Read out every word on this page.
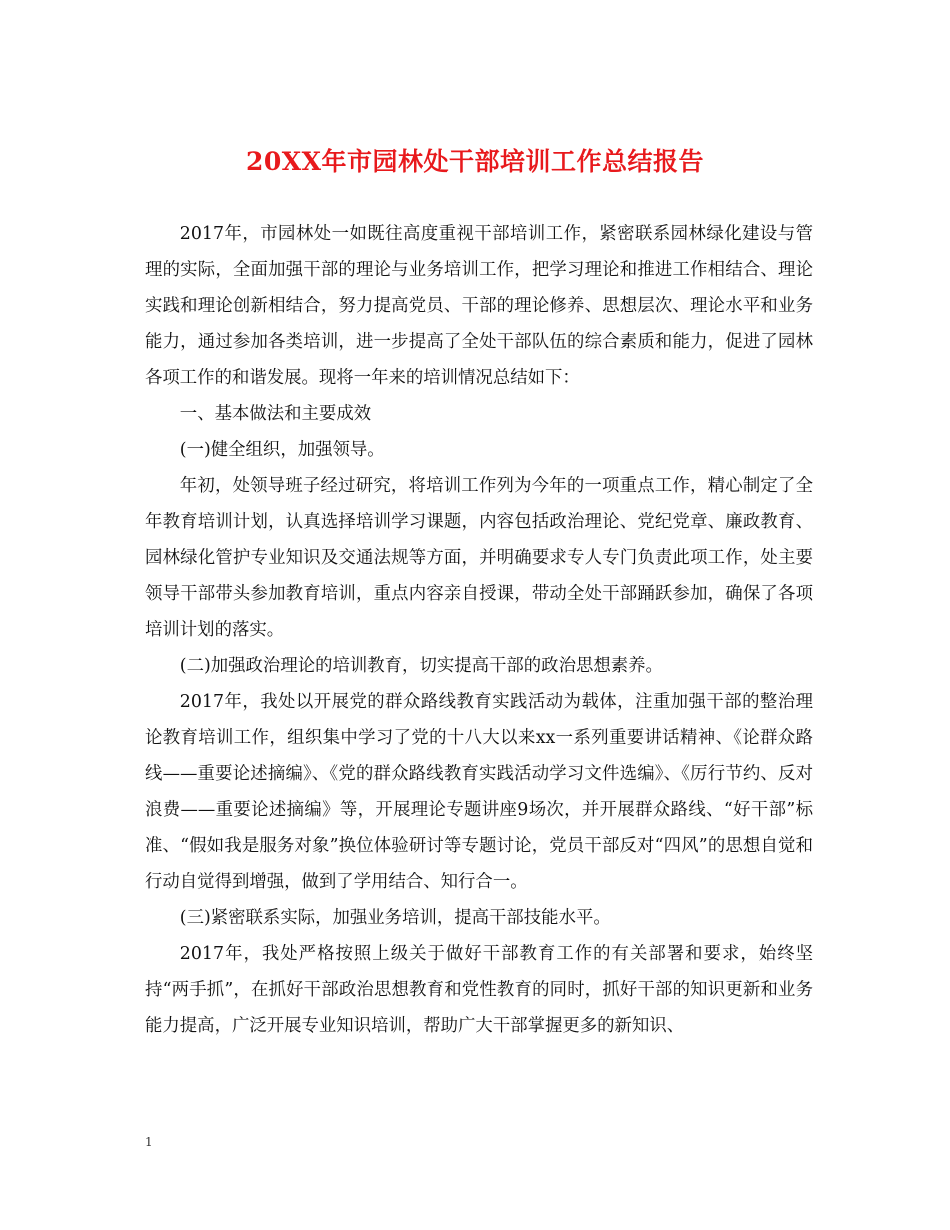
20XX年市园林处干部培训工作总结报告

2017年，市园林处一如既往高度重视干部培训工作，紧密联系园林绿化建设与管理的实际，全面加强干部的理论与业务培训工作，把学习理论和推进工作相结合、理论实践和理论创新相结合，努力提高党员、干部的理论修养、思想层次、理论水平和业务能力，通过参加各类培训，进一步提高了全处干部队伍的综合素质和能力，促进了园林各项工作的和谐发展。现将一年来的培训情况总结如下：

一、基本做法和主要成效

(一)健全组织，加强领导。

年初，处领导班子经过研究，将培训工作列为今年的一项重点工作，精心制定了全年教育培训计划，认真选择培训学习课题，内容包括政治理论、党纪党章、廉政教育、园林绿化管护专业知识及交通法规等方面，并明确要求专人专门负责此项工作，处主要领导干部带头参加教育培训，重点内容亲自授课，带动全处干部踊跃参加，确保了各项培训计划的落实。

(二)加强政治理论的培训教育，切实提高干部的政治思想素养。

2017年，我处以开展党的群众路线教育实践活动为载体，注重加强干部的整治理论教育培训工作，组织集中学习了党的十八大以来xx一系列重要讲话精神、《论群众路线——重要论述摘编》、《党的群众路线教育实践活动学习文件选编》、《厉行节约、反对浪费——重要论述摘编》等，开展理论专题讲座9场次，并开展群众路线、“好干部”标准、“假如我是服务对象”换位体验研讨等专题讨论，党员干部反对“四风”的思想自觉和行动自觉得到增强，做到了学用结合、知行合一。

(三)紧密联系实际，加强业务培训，提高干部技能水平。

2017年，我处严格按照上级关于做好干部教育工作的有关部署和要求，始终坚持“两手抓”，在抓好干部政治思想教育和党性教育的同时，抓好干部的知识更新和业务能力提高，广泛开展专业知识培训，帮助广大干部掌握更多的新知识、

1
